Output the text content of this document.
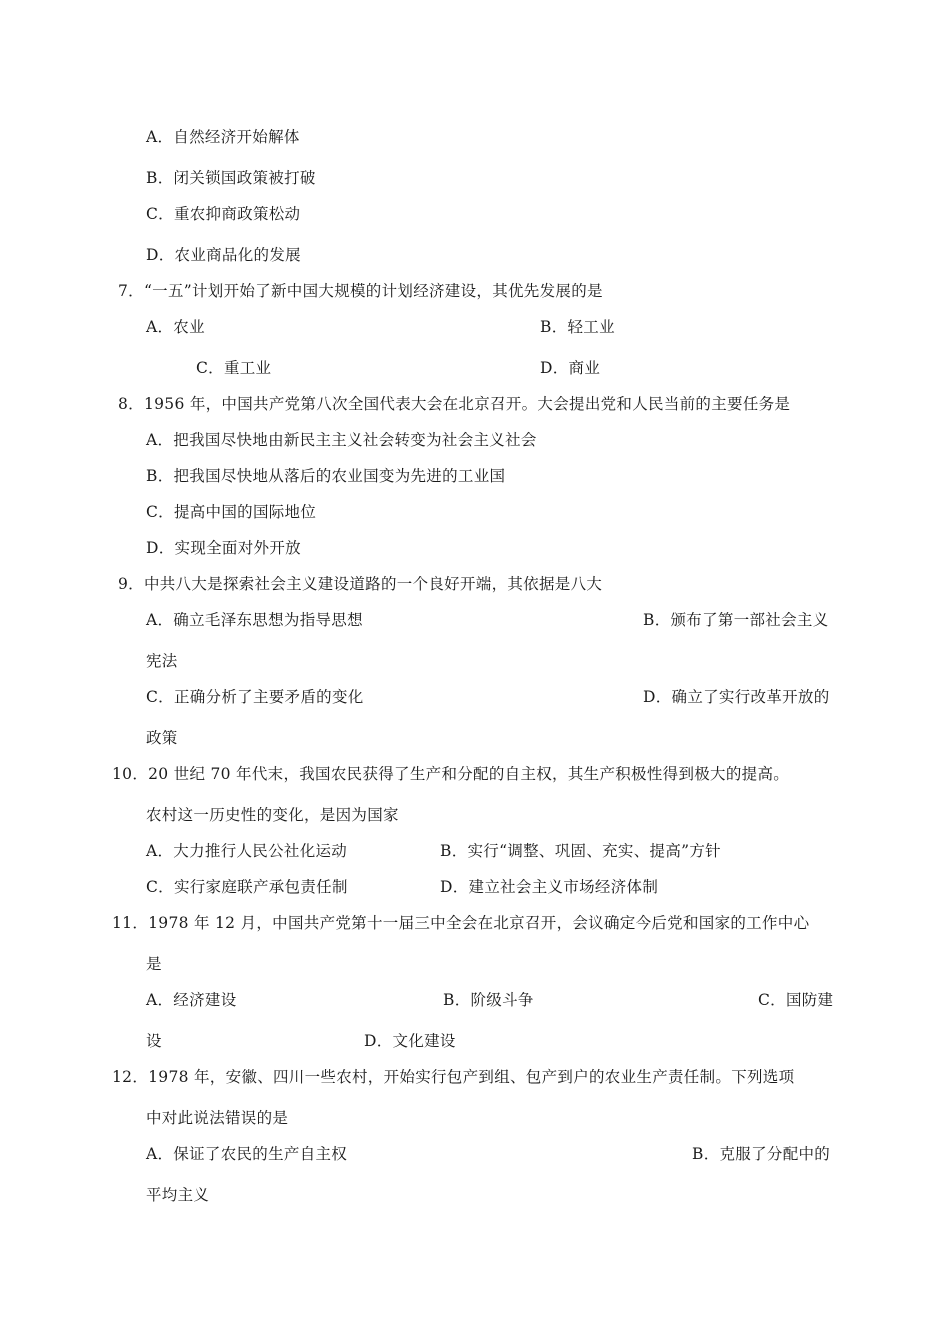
A．自然经济开始解体
B．闭关锁国政策被打破
C．重农抑商政策松动
D．农业商品化的发展
7．“一五”计划开始了新中国大规模的计划经济建设，其优先发展的是
A．农业	B．轻工业
C．重工业	D．商业
8．1956 年，中国共产党第八次全国代表大会在北京召开。大会提出党和人民当前的主要任务是
A．把我国尽快地由新民主主义社会转变为社会主义社会
B．把我国尽快地从落后的农业国变为先进的工业国
C．提高中国的国际地位
D．实现全面对外开放
9．中共八大是探索社会主义建设道路的一个良好开端，其依据是八大
A．确立毛泽东思想为指导思想	B．颁布了第一部社会主义
宪法
C．正确分析了主要矛盾的变化	D．确立了实行改革开放的
政策
10．20 世纪 70 年代末，我国农民获得了生产和分配的自主权，其生产积极性得到极大的提高。
农村这一历史性的变化，是因为国家
A．大力推行人民公社化运动	B．实行“调整、巩固、充实、提高”方针
C．实行家庭联产承包责任制	D．建立社会主义市场经济体制
11．1978 年 12 月，中国共产党第十一届三中全会在北京召开，会议确定今后党和国家的工作中心
是
A．经济建设	B．阶级斗争	C．国防建
设	D．文化建设
12．1978 年，安徽、四川一些农村，开始实行包产到组、包产到户的农业生产责任制。下列选项
中对此说法错误的是
A．保证了农民的生产自主权	B．克服了分配中的
平均主义
